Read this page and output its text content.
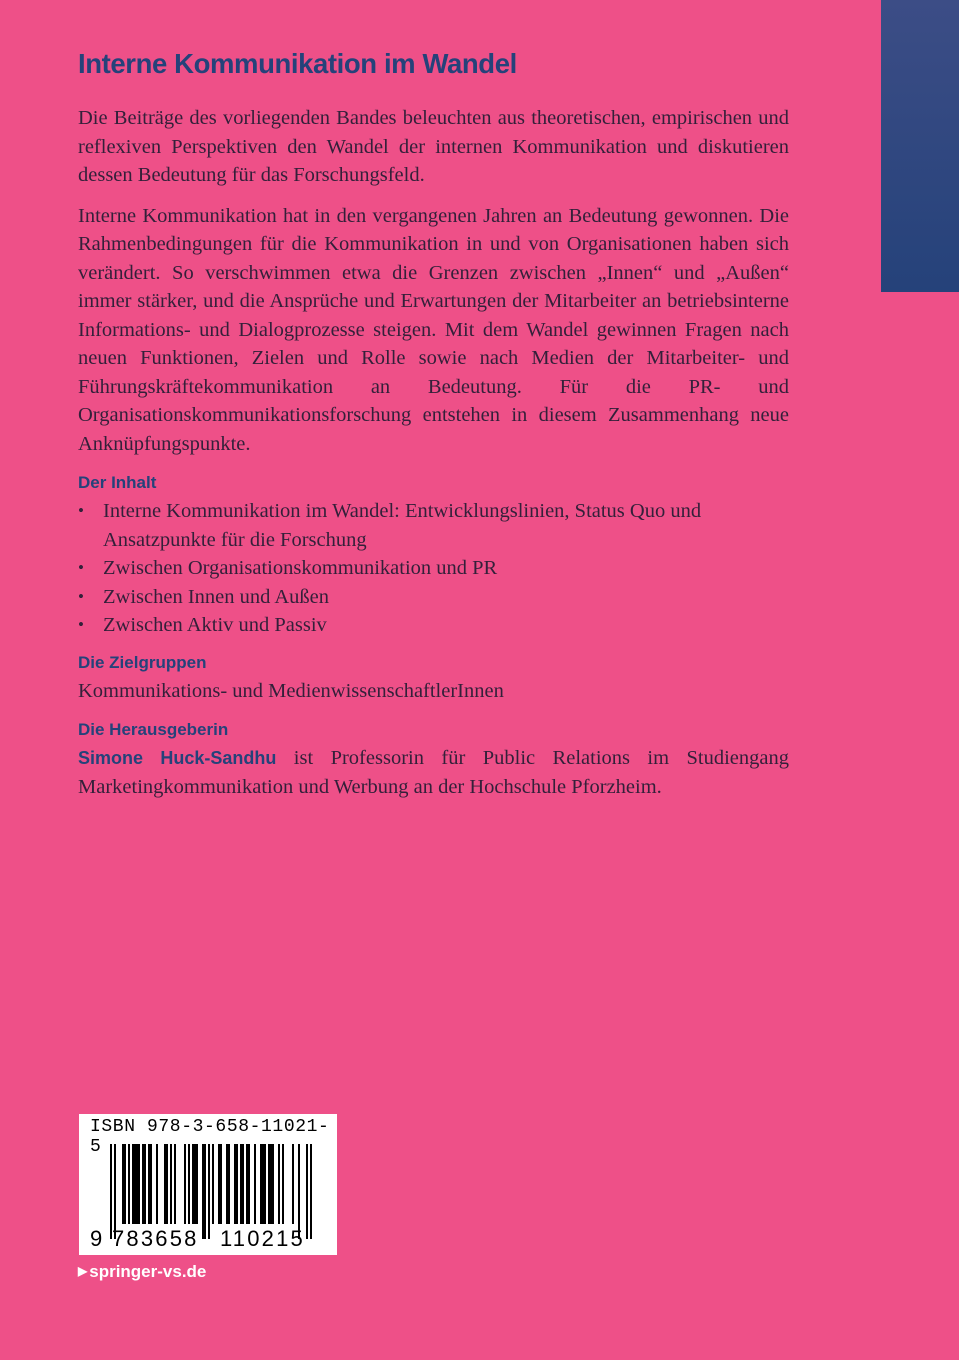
Interne Kommunikation im Wandel

Die Beiträge des vorliegenden Bandes beleuchten aus theoretischen, empirischen und reflexiven Perspektiven den Wandel der internen Kommunikation und diskutieren dessen Bedeutung für das Forschungsfeld.

Interne Kommunikation hat in den vergangenen Jahren an Bedeutung gewonnen. Die Rahmenbedingungen für die Kommunikation in und von Organisationen haben sich verändert. So verschwimmen etwa die Grenzen zwischen „Innen“ und „Außen“ immer stärker, und die Ansprüche und Erwartungen der Mitarbeiter an betriebsinterne Informations- und Dialogprozesse steigen. Mit dem Wandel gewinnen Fragen nach neuen Funktionen, Zielen und Rolle sowie nach Medien der Mitarbeiter- und Führungskräftekommunikation an Bedeutung. Für die PR- und Organisationskommunikationsforschung entstehen in diesem Zusammenhang neue Anknüpfungspunkte.

Der Inhalt
• Interne Kommunikation im Wandel: Entwicklungslinien, Status Quo und Ansatzpunkte für die Forschung
• Zwischen Organisationskommunikation und PR
• Zwischen Innen und Außen
• Zwischen Aktiv und Passiv
Die Zielgruppen

Kommunikations- und MedienwissenschaftlerInnen

Die Herausgeberin

Simone Huck-Sandhu ist Professorin für Public Relations im Studiengang Marketingkommunikation und Werbung an der Hochschule Pforzheim.

ISBN 978-3-658-11021-5
9 783658 110215
▶ springer-vs.de
